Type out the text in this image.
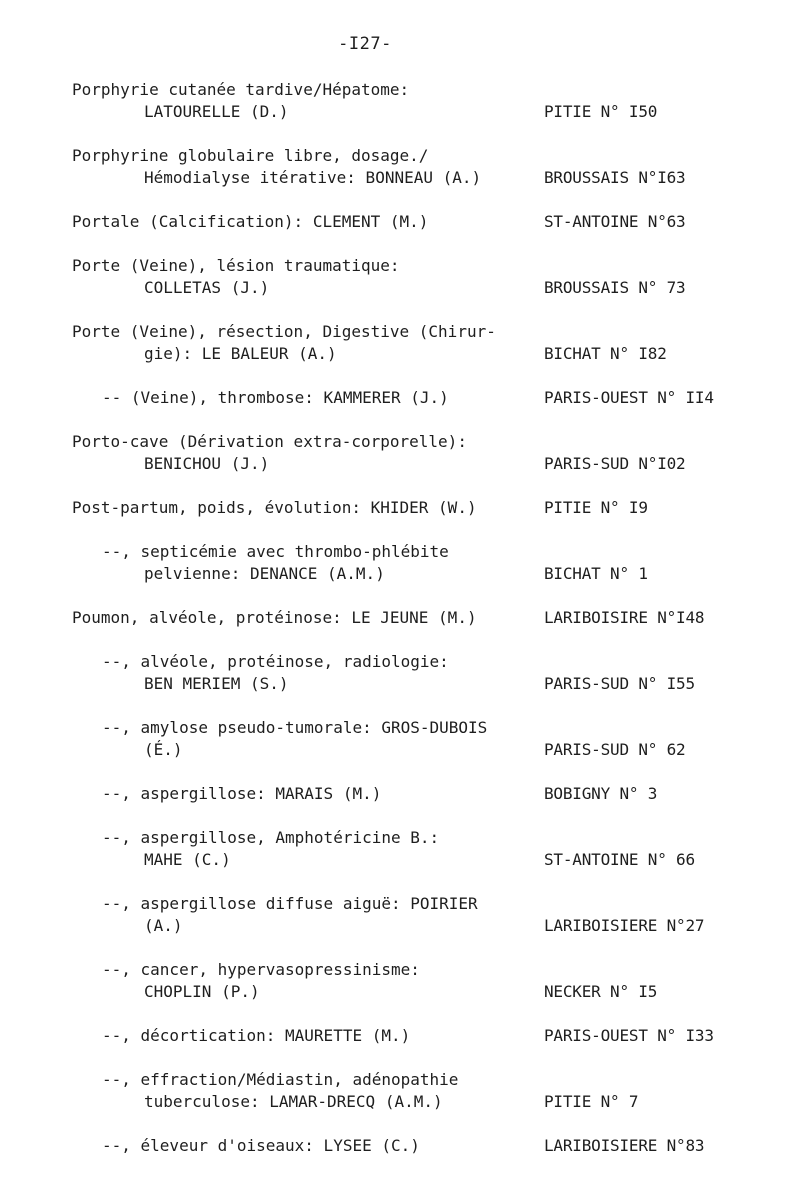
-I27-
Porphyrie cutanée tardive/Hépatome:
LATOURELLE (D.)	PITIE N° I50
Porphyrine globulaire libre, dosage./
Hémodialyse itérative: BONNEAU (A.)	BROUSSAIS N°I63
Portale (Calcification): CLEMENT (M.)	ST-ANTOINE N°63
Porte (Veine), lésion traumatique:
COLLETAS (J.)	BROUSSAIS N° 73
Porte (Veine), résection, Digestive (Chirur-
gie): LE BALEUR (A.)	BICHAT N° I82
-- (Veine), thrombose: KAMMERER (J.)	PARIS-OUEST N° II4
Porto-cave (Dérivation extra-corporelle):
BENICHOU (J.)	PARIS-SUD N°I02
Post-partum, poids, évolution: KHIDER (W.)	PITIE N° I9
--, septicémie avec thrombo-phlébite
pelvienne: DENANCE (A.M.)	BICHAT N° 1
Poumon, alvéole, protéinose: LE JEUNE (M.)	LARIBOISIRE N°I48
--, alvéole, protéinose, radiologie:
BEN MERIEM (S.)	PARIS-SUD N° I55
--, amylose pseudo-tumorale: GROS-DUBOIS
(É.)	PARIS-SUD N° 62
--, aspergillose: MARAIS (M.)	BOBIGNY N° 3
--, aspergillose, Amphotéricine B.:
MAHE (C.)	ST-ANTOINE N° 66
--, aspergillose diffuse aiguë: POIRIER
(A.)	LARIBOISIERE N°27
--, cancer, hypervasopressinisme:
CHOPLIN (P.)	NECKER N° I5
--, décortication: MAURETTE (M.)	PARIS-OUEST N° I33
--, effraction/Médiastin, adénopathie
tuberculose: LAMAR-DRECQ (A.M.)	PITIE N° 7
--, éleveur d'oiseaux: LYSEE (C.)	LARIBOISIERE N°83
